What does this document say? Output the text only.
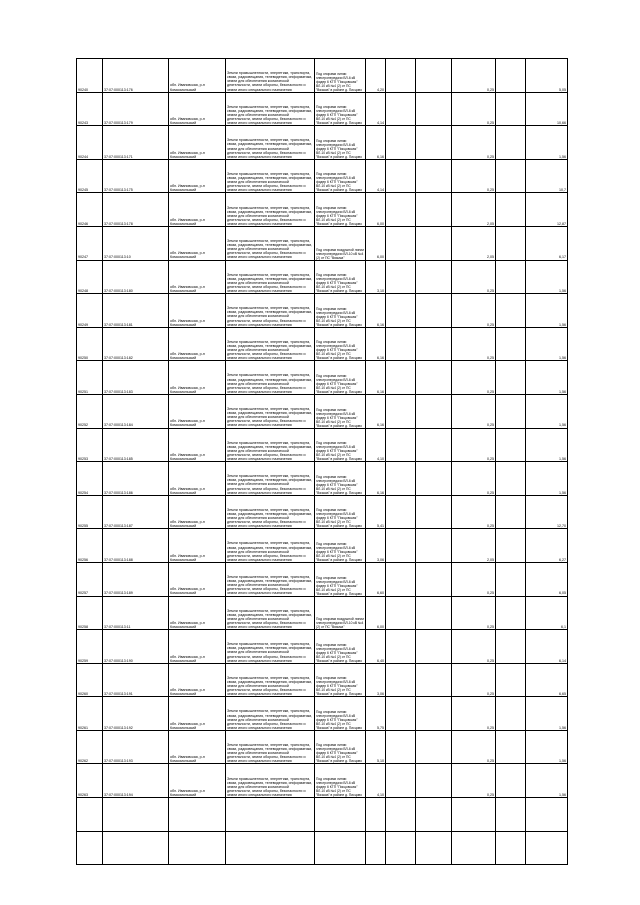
90240	37:07:000113:176	обл. Ивановская, р-н Комсомольский	Земли промышленности, энергетики, транспорта, связи, радиовещания, телевидения, информатики, земли для обеспечения космической деятельности, земли обороны, безопасности и земли иного специального назначения	Под опорами линии электропередачи ВЛ-6 кВ фидер 6 КТП "Писцовская" ВЛ-10 кВ №4 (2) от ПС "Вязьма" в районе д. Писцово	4,20			0,25		5,05
90243	37:07:000113:179	обл. Ивановская, р-н Комсомольский	Земли промышленности, энергетики, транспорта, связи, радиовещания, телевидения, информатики, земли для обеспечения космической деятельности, земли обороны, безопасности и земли иного специального назначения	Под опорами линии электропередачи ВЛ-6 кВ фидер 6 КТП "Писцовская" ВЛ-10 кВ №4 (2) от ПС "Вязьма" в районе д. Писцово	4,14			0,25		10,66
90244	37:07:000113:171	обл. Ивановская, р-н Комсомольский	Земли промышленности, энергетики, транспорта, связи, радиовещания, телевидения, информатики, земли для обеспечения космической деятельности, земли обороны, безопасности и земли иного специального назначения	Под опорами линии электропередачи ВЛ-6 кВ фидер 6 КТП "Писцовская" ВЛ-10 кВ №4 (2) от ПС "Вязьма" в районе д. Писцово	6,16			0,25		1,56
90245	37:07:000113:175	обл. Ивановская, р-н Комсомольский	Земли промышленности, энергетики, транспорта, связи, радиовещания, телевидения, информатики, земли для обеспечения космической деятельности, земли обороны, безопасности и земли иного специального назначения	Под опорами линии электропередачи ВЛ-6 кВ фидер 6 КТП "Писцовская" ВЛ-10 кВ №4 (2) от ПС "Вязьма" в районе д. Писцово	4,14			0,25		10,7
90246	37:07:000113:178	обл. Ивановская, р-н Комсомольский	Земли промышленности, энергетики, транспорта, связи, радиовещания, телевидения, информатики, земли для обеспечения космической деятельности, земли обороны, безопасности и земли иного специального назначения	Под опорами линии электропередачи ВЛ-6 кВ фидер 6 КТП "Писцовская" ВЛ-10 кВ №4 (2) от ПС "Вязьма" в районе д. Писцово	6,00			2,05		12,87
90247	37:07:000113:10	обл. Ивановская, р-н Комсомольский	Земли промышленности, энергетики, транспорта, связи, радиовещания, телевидения, информатики, земли для обеспечения космической деятельности, земли обороны, безопасности и земли иного специального назначения	Под опорами воздушной линии электропередачи ВЛ-10 кВ №4 (2) от ПС "Вязьма"	6,00			2,05		6,17
90248	37:07:000113:180	обл. Ивановская, р-н Комсомольский	Земли промышленности, энергетики, транспорта, связи, радиовещания, телевидения, информатики, земли для обеспечения космической деятельности, земли обороны, безопасности и земли иного специального назначения	Под опорами линии электропередачи ВЛ-6 кВ фидер 6 КТП "Писцовская" ВЛ-10 кВ №4 (2) от ПС "Вязьма" в районе д. Писцово	3,10			0,25		1,56
90249	37:07:000113:181	обл. Ивановская, р-н Комсомольский	Земли промышленности, энергетики, транспорта, связи, радиовещания, телевидения, информатики, земли для обеспечения космической деятельности, земли обороны, безопасности и земли иного специального назначения	Под опорами линии электропередачи ВЛ-6 кВ фидер 6 КТП "Писцовская" ВЛ-10 кВ №4 (2) от ПС "Вязьма" в районе д. Писцово	6,16			0,25		1,56
90250	37:07:000113:182	обл. Ивановская, р-н Комсомольский	Земли промышленности, энергетики, транспорта, связи, радиовещания, телевидения, информатики, земли для обеспечения космической деятельности, земли обороны, безопасности и земли иного специального назначения	Под опорами линии электропередачи ВЛ-6 кВ фидер 6 КТП "Писцовская" ВЛ-10 кВ №4 (2) от ПС "Вязьма" в районе д. Писцово	6,16			0,25		1,56
90251	37:07:000113:183	обл. Ивановская, р-н Комсомольский	Земли промышленности, энергетики, транспорта, связи, радиовещания, телевидения, информатики, земли для обеспечения космической деятельности, земли обороны, безопасности и земли иного специального назначения	Под опорами линии электропередачи ВЛ-6 кВ фидер 6 КТП "Писцовская" ВЛ-10 кВ №4 (2) от ПС "Вязьма" в районе д. Писцово	6,16			0,25		1,56
90252	37:07:000113:184	обл. Ивановская, р-н Комсомольский	Земли промышленности, энергетики, транспорта, связи, радиовещания, телевидения, информатики, земли для обеспечения космической деятельности, земли обороны, безопасности и земли иного специального назначения	Под опорами линии электропередачи ВЛ-6 кВ фидер 6 КТП "Писцовская" ВЛ-10 кВ №4 (2) от ПС "Вязьма" в районе д. Писцово	6,16			0,25		1,56
90253	37:07:000113:185	обл. Ивановская, р-н Комсомольский	Земли промышленности, энергетики, транспорта, связи, радиовещания, телевидения, информатики, земли для обеспечения космической деятельности, земли обороны, безопасности и земли иного специального назначения	Под опорами линии электропередачи ВЛ-6 кВ фидер 6 КТП "Писцовская" ВЛ-10 кВ №4 (2) от ПС "Вязьма" в районе д. Писцово	4,10			0,25		1,56
90254	37:07:000113:186	обл. Ивановская, р-н Комсомольский	Земли промышленности, энергетики, транспорта, связи, радиовещания, телевидения, информатики, земли для обеспечения космической деятельности, земли обороны, безопасности и земли иного специального назначения	Под опорами линии электропередачи ВЛ-6 кВ фидер 6 КТП "Писцовская" ВЛ-10 кВ №4 (2) от ПС "Вязьма" в районе д. Писцово	6,16			0,25		1,56
90255	37:07:000113:187	обл. Ивановская, р-н Комсомольский	Земли промышленности, энергетики, транспорта, связи, радиовещания, телевидения, информатики, земли для обеспечения космической деятельности, земли обороны, безопасности и земли иного специального назначения	Под опорами линии электропередачи ВЛ-6 кВ фидер 6 КТП "Писцовская" ВЛ-10 кВ №4 (2) от ПС "Вязьма" в районе д. Писцово	5,41			0,25		12,70
90256	37:07:000113:188	обл. Ивановская, р-н Комсомольский	Земли промышленности, энергетики, транспорта, связи, радиовещания, телевидения, информатики, земли для обеспечения космической деятельности, земли обороны, безопасности и земли иного специального назначения	Под опорами линии электропередачи ВЛ-6 кВ фидер 6 КТП "Писцовская" ВЛ-10 кВ №4 (2) от ПС "Вязьма" в районе д. Писцово	3,06			2,05		6,27
90257	37:07:000113:189	обл. Ивановская, р-н Комсомольский	Земли промышленности, энергетики, транспорта, связи, радиовещания, телевидения, информатики, земли для обеспечения космической деятельности, земли обороны, безопасности и земли иного специального назначения	Под опорами линии электропередачи ВЛ-6 кВ фидер 6 КТП "Писцовская" ВЛ-10 кВ №4 (2) от ПС "Вязьма" в районе д. Писцово	6,60			0,25		6,05
90258	37:07:000113:11	обл. Ивановская, р-н Комсомольский	Земли промышленности, энергетики, транспорта, связи, радиовещания, телевидения, информатики, земли для обеспечения космической деятельности, земли обороны, безопасности и земли иного специального назначения	Под опорами воздушной линии электропередачи ВЛ-10 кВ №4 (2) от ПС "Вязьма"	6,00			0,25		6,1
90259	37:07:000113:190	обл. Ивановская, р-н Комсомольский	Земли промышленности, энергетики, транспорта, связи, радиовещания, телевидения, информатики, земли для обеспечения космической деятельности, земли обороны, безопасности и земли иного специального назначения	Под опорами линии электропередачи ВЛ-6 кВ фидер 6 КТП "Писцовская" ВЛ-10 кВ №4 (2) от ПС "Вязьма" в районе д. Писцово	6,40			0,25		6,14
90260	37:07:000113:191	обл. Ивановская, р-н Комсомольский	Земли промышленности, энергетики, транспорта, связи, радиовещания, телевидения, информатики, земли для обеспечения космической деятельности, земли обороны, безопасности и земли иного специального назначения	Под опорами линии электропередачи ВЛ-6 кВ фидер 6 КТП "Писцовская" ВЛ-10 кВ №4 (2) от ПС "Вязьма" в районе д. Писцово	3,06			0,25		6,65
90261	37:07:000113:192	обл. Ивановская, р-н Комсомольский	Земли промышленности, энергетики, транспорта, связи, радиовещания, телевидения, информатики, земли для обеспечения космической деятельности, земли обороны, безопасности и земли иного специального назначения	Под опорами линии электропередачи ВЛ-6 кВ фидер 6 КТП "Писцовская" ВЛ-10 кВ №4 (2) от ПС "Вязьма" в районе д. Писцово	5,75			0,25		1,56
90262	37:07:000113:193	обл. Ивановская, р-н Комсомольский	Земли промышленности, энергетики, транспорта, связи, радиовещания, телевидения, информатики, земли для обеспечения космической деятельности, земли обороны, безопасности и земли иного специального назначения	Под опорами линии электропередачи ВЛ-6 кВ фидер 6 КТП "Писцовская" ВЛ-10 кВ №4 (2) от ПС "Вязьма" в районе д. Писцово	5,10			0,25		1,56
90263	37:07:000113:194	обл. Ивановская, р-н Комсомольский	Земли промышленности, энергетики, транспорта, связи, радиовещания, телевидения, информатики, земли для обеспечения космической деятельности, земли обороны, безопасности и земли иного специального назначения	Под опорами линии электропередачи ВЛ-6 кВ фидер 6 КТП "Писцовская" ВЛ-10 кВ №4 (2) от ПС "Вязьма" в районе д. Писцово	4,10			0,25		1,56
